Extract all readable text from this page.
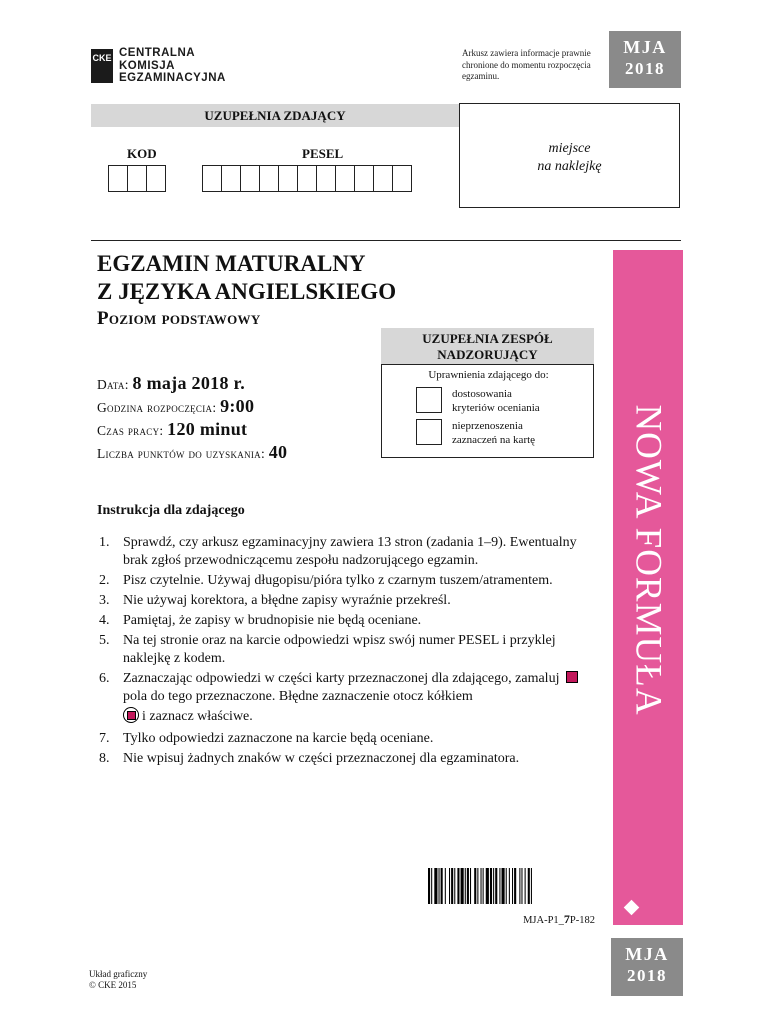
CKE CENTRALNA
KOMISJA
EGZAMINACYJNA
Arkusz zawiera informacje prawnie chronione do momentu rozpoczęcia egzaminu.
MJA
2018
UZUPEŁNIA ZDAJĄCY
KOD	PESEL	miejsce
na naklejkę
EGZAMIN MATURALNY
Z JĘZYKA ANGIELSKIEGO
Poziom podstawowy
Data: 8 maja 2018 r.
Godzina rozpoczęcia: 9:00
Czas pracy: 120 minut
Liczba punktów do uzyskania: 40
UZUPEŁNIA ZESPÓŁ
NADZORUJĄCY
Uprawnienia zdającego do:
dostosowania
kryteriów oceniania
nieprzenoszenia
zaznaczeń na kartę NOWA FORMUŁA
Instrukcja dla zdającego
1. Sprawdź, czy arkusz egzaminacyjny zawiera 13 stron (zadania 1–9). Ewentualny brak zgłoś przewodniczącemu zespołu nadzorującego egzamin.
2. Pisz czytelnie. Używaj długopisu/pióra tylko z czarnym tuszem/atramentem.
3. Nie używaj korektora, a błędne zapisy wyraźnie przekreśl.
4. Pamiętaj, że zapisy w brudnopisie nie będą oceniane.
5. Na tej stronie oraz na karcie odpowiedzi wpisz swój numer PESEL i przyklej naklejkę z kodem.
6. Zaznaczając odpowiedzi w części karty przeznaczonej dla zdającego, zamaluj pola do tego przeznaczone. Błędne zaznaczenie otocz kółkiem

i zaznacz właściwe.
7. Tylko odpowiedzi zaznaczone na karcie będą oceniane.
8. Nie wpisuj żadnych znaków w części przeznaczonej dla egzaminatora.
MJA-P1_7P-182
MJA
2018
Układ graficzny
© CKE 2015
